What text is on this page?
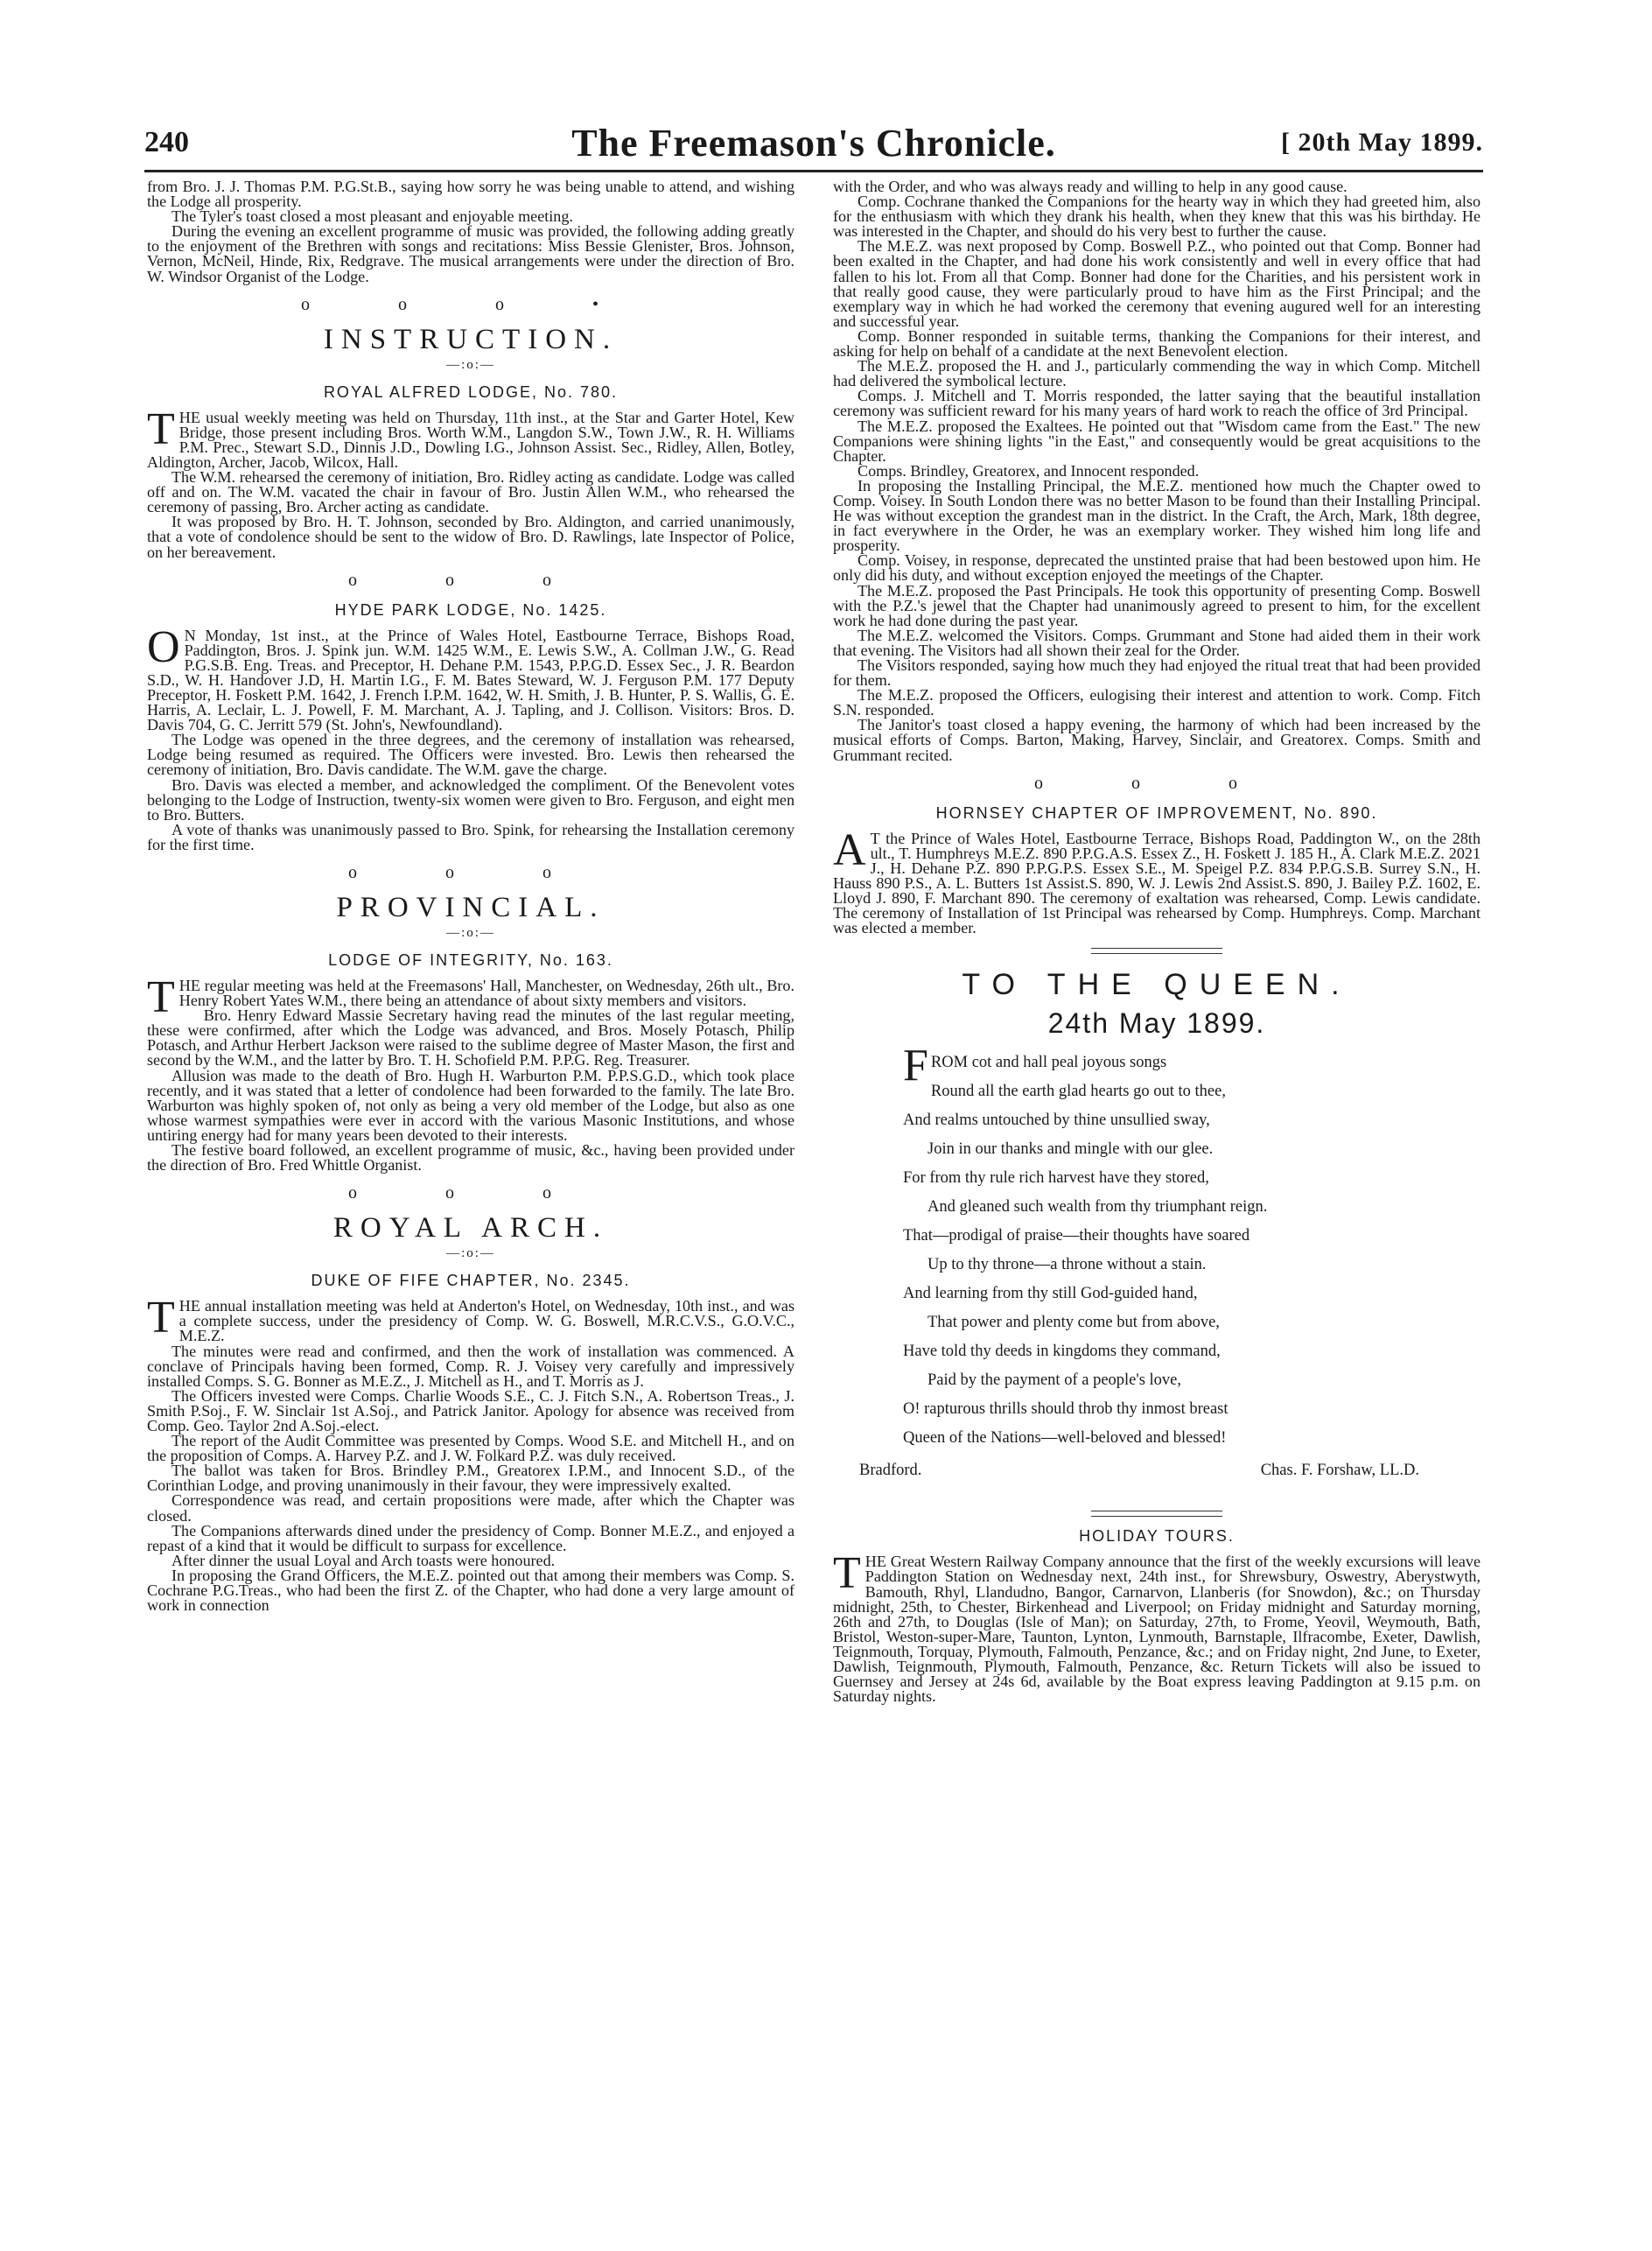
240	The Freemason's Chronicle.	[ 20th May 1899.

from Bro. J. J. Thomas P.M. P.G.St.B., saying how sorry he was being unable to attend, and wishing the Lodge all prosperity.

The Tyler's toast closed a most pleasant and enjoyable meeting.

During the evening an excellent programme of music was provided, the following adding greatly to the enjoyment of the Brethren with songs and recitations: Miss Bessie Glenister, Bros. Johnson, Vernon, McNeil, Hinde, Rix, Redgrave. The musical arrangements were under the direction of Bro. W. Windsor Organist of the Lodge.

o o o •
INSTRUCTION.
—:o:—
ROYAL ALFRED LODGE, No. 780.

THE usual weekly meeting was held on Thursday, 11th inst., at the Star and Garter Hotel, Kew Bridge, those present including Bros. Worth W.M., Langdon S.W., Town J.W., R. H. Williams P.M. Prec., Stewart S.D., Dinnis J.D., Dowling I.G., Johnson Assist. Sec., Ridley, Allen, Botley, Aldington, Archer, Jacob, Wilcox, Hall.

The W.M. rehearsed the ceremony of initiation, Bro. Ridley acting as candidate. Lodge was called off and on. The W.M. vacated the chair in favour of Bro. Justin Allen W.M., who rehearsed the ceremony of passing, Bro. Archer acting as candidate.

It was proposed by Bro. H. T. Johnson, seconded by Bro. Aldington, and carried unanimously, that a vote of condolence should be sent to the widow of Bro. D. Rawlings, late Inspector of Police, on her bereavement.

o o o
HYDE PARK LODGE, No. 1425.

O N Monday, 1st inst., at the Prince of Wales Hotel, Eastbourne Terrace, Bishops Road, Paddington, Bros. J. Spink jun. W.M. 1425 W.M., E. Lewis S.W., A. Collman J.W., G. Read P.G.S.B. Eng. Treas. and Preceptor, H. Dehane P.M. 1543, P.P.G.D. Essex Sec., J. R. Beardon S.D., W. H. Handover J.D, H. Martin I.G., F. M. Bates Steward, W. J. Ferguson P.M. 177 Deputy Preceptor, H. Foskett P.M. 1642, J. French I.P.M. 1642, W. H. Smith, J. B. Hunter, P. S. Wallis, G. E. Harris, A. Leclair, L. J. Powell, F. M. Marchant, A. J. Tapling, and J. Collison. Visitors: Bros. D. Davis 704, G. C. Jerritt 579 (St. John's, Newfoundland).

The Lodge was opened in the three degrees, and the ceremony of installation was rehearsed, Lodge being resumed as required. The Officers were invested. Bro. Lewis then rehearsed the ceremony of initiation, Bro. Davis candidate. The W.M. gave the charge.

Bro. Davis was elected a member, and acknowledged the compliment. Of the Benevolent votes belonging to the Lodge of Instruction, twenty-six women were given to Bro. Ferguson, and eight men to Bro. Butters.

A vote of thanks was unanimously passed to Bro. Spink, for rehearsing the Installation ceremony for the first time.

o o o
PROVINCIAL.
—:o:—
LODGE OF INTEGRITY, No. 163.

THE regular meeting was held at the Freemasons' Hall, Manchester, on Wednesday, 26th ult., Bro. Henry Robert Yates W.M., there being an attendance of about sixty members and visitors.

Bro. Henry Edward Massie Secretary having read the minutes of the last regular meeting, these were confirmed, after which the Lodge was advanced, and Bros. Mosely Potasch, Philip Potasch, and Arthur Herbert Jackson were raised to the sublime degree of Master Mason, the first and second by the W.M., and the latter by Bro. T. H. Schofield P.M. P.P.G. Reg. Treasurer.

Allusion was made to the death of Bro. Hugh H. Warburton P.M. P.P.S.G.D., which took place recently, and it was stated that a letter of condolence had been forwarded to the family. The late Bro. Warburton was highly spoken of, not only as being a very old member of the Lodge, but also as one whose warmest sympathies were ever in accord with the various Masonic Institutions, and whose untiring energy had for many years been devoted to their interests.

The festive board followed, an excellent programme of music, &c., having been provided under the direction of Bro. Fred Whittle Organist.

o o o
ROYAL ARCH.
—:o:—
DUKE OF FIFE CHAPTER, No. 2345.

THE annual installation meeting was held at Anderton's Hotel, on Wednesday, 10th inst., and was a complete success, under the presidency of Comp. W. G. Boswell, M.R.C.V.S., G.O.V.C., M.E.Z.

The minutes were read and confirmed, and then the work of installation was commenced. A conclave of Principals having been formed, Comp. R. J. Voisey very carefully and impressively installed Comps. S. G. Bonner as M.E.Z., J. Mitchell as H., and T. Morris as J.

The Officers invested were Comps. Charlie Woods S.E., C. J. Fitch S.N., A. Robertson Treas., J. Smith P.Soj., F. W. Sinclair 1st A.Soj., and Patrick Janitor. Apology for absence was received from Comp. Geo. Taylor 2nd A.Soj.-elect.

The report of the Audit Committee was presented by Comps. Wood S.E. and Mitchell H., and on the proposition of Comps. A. Harvey P.Z. and J. W. Folkard P.Z. was duly received.

The ballot was taken for Bros. Brindley P.M., Greatorex I.P.M., and Innocent S.D., of the Corinthian Lodge, and proving unanimously in their favour, they were impressively exalted.

Correspondence was read, and certain propositions were made, after which the Chapter was closed.

The Companions afterwards dined under the presidency of Comp. Bonner M.E.Z., and enjoyed a repast of a kind that it would be difficult to surpass for excellence.

After dinner the usual Loyal and Arch toasts were honoured.

In proposing the Grand Officers, the M.E.Z. pointed out that among their members was Comp. S. Cochrane P.G.Treas., who had been the first Z. of the Chapter, who had done a very large amount of work in connection

with the Order, and who was always ready and willing to help in any good cause.

Comp. Cochrane thanked the Companions for the hearty way in which they had greeted him, also for the enthusiasm with which they drank his health, when they knew that this was his birthday. He was interested in the Chapter, and should do his very best to further the cause.

The M.E.Z. was next proposed by Comp. Boswell P.Z., who pointed out that Comp. Bonner had been exalted in the Chapter, and had done his work consistently and well in every office that had fallen to his lot. From all that Comp. Bonner had done for the Charities, and his persistent work in that really good cause, they were particularly proud to have him as the First Principal; and the exemplary way in which he had worked the ceremony that evening augured well for an interesting and successful year.

Comp. Bonner responded in suitable terms, thanking the Companions for their interest, and asking for help on behalf of a candidate at the next Benevolent election.

The M.E.Z. proposed the H. and J., particularly commending the way in which Comp. Mitchell had delivered the symbolical lecture.

Comps. J. Mitchell and T. Morris responded, the latter saying that the beautiful installation ceremony was sufficient reward for his many years of hard work to reach the office of 3rd Principal.

The M.E.Z. proposed the Exaltees. He pointed out that "Wisdom came from the East." The new Companions were shining lights "in the East," and consequently would be great acquisitions to the Chapter.

Comps. Brindley, Greatorex, and Innocent responded.

In proposing the Installing Principal, the M.E.Z. mentioned how much the Chapter owed to Comp. Voisey. In South London there was no better Mason to be found than their Installing Principal. He was without exception the grandest man in the district. In the Craft, the Arch, Mark, 18th degree, in fact everywhere in the Order, he was an exemplary worker. They wished him long life and prosperity.

Comp. Voisey, in response, deprecated the unstinted praise that had been bestowed upon him. He only did his duty, and without exception enjoyed the meetings of the Chapter.

The M.E.Z. proposed the Past Principals. He took this opportunity of presenting Comp. Boswell with the P.Z.'s jewel that the Chapter had unanimously agreed to present to him, for the excellent work he had done during the past year.

The M.E.Z. welcomed the Visitors. Comps. Grummant and Stone had aided them in their work that evening. The Visitors had all shown their zeal for the Order.

The Visitors responded, saying how much they had enjoyed the ritual treat that had been provided for them.

The M.E.Z. proposed the Officers, eulogising their interest and attention to work. Comp. Fitch S.N. responded.

The Janitor's toast closed a happy evening, the harmony of which had been increased by the musical efforts of Comps. Barton, Making, Harvey, Sinclair, and Greatorex. Comps. Smith and Grummant recited.

o o o
HORNSEY CHAPTER OF IMPROVEMENT, No. 890.

A T the Prince of Wales Hotel, Eastbourne Terrace, Bishops Road, Paddington W., on the 28th ult., T. Humphreys M.E.Z. 890 P.P.G.A.S. Essex Z., H. Foskett J. 185 H., A. Clark M.E.Z. 2021 J., H. Dehane P.Z. 890 P.P.G.P.S. Essex S.E., M. Speigel P.Z. 834 P.P.G.S.B. Surrey S.N., H. Hauss 890 P.S., A. L. Butters 1st Assist.S. 890, W. J. Lewis 2nd Assist.S. 890, J. Bailey P.Z. 1602, E. Lloyd J. 890, F. Marchant 890. The ceremony of exaltation was rehearsed, Comp. Lewis candidate. The ceremony of Installation of 1st Principal was rehearsed by Comp. Humphreys. Comp. Marchant was elected a member.

TO THE QUEEN.
24th May 1899.
FROM cot and hall peal joyous songs
Round all the earth glad hearts go out to thee,
And realms untouched by thine unsullied sway,
Join in our thanks and mingle with our glee.
For from thy rule rich harvest have they stored,
And gleaned such wealth from thy triumphant reign.
That—prodigal of praise—their thoughts have soared
Up to thy throne—a throne without a stain.
And learning from thy still God-guided hand,
That power and plenty come but from above,
Have told thy deeds in kingdoms they command,
Paid by the payment of a people's love,
O! rapturous thrills should throb thy inmost breast
Queen of the Nations—well-beloved and blessed!
Bradford.	Chas. F. Forshaw, LL.D.
HOLIDAY TOURS.

THE Great Western Railway Company announce that the first of the weekly excursions will leave Paddington Station on Wednesday next, 24th inst., for Shrewsbury, Oswestry, Aberystwyth, Bamouth, Rhyl, Llandudno, Bangor, Carnarvon, Llanberis (for Snowdon), &c.; on Thursday midnight, 25th, to Chester, Birkenhead and Liverpool; on Friday midnight and Saturday morning, 26th and 27th, to Douglas (Isle of Man); on Saturday, 27th, to Frome, Yeovil, Weymouth, Bath, Bristol, Weston-super-Mare, Taunton, Lynton, Lynmouth, Barnstaple, Ilfracombe, Exeter, Dawlish, Teignmouth, Torquay, Plymouth, Falmouth, Penzance, &c.; and on Friday night, 2nd June, to Exeter, Dawlish, Teignmouth, Plymouth, Falmouth, Penzance, &c. Return Tickets will also be issued to Guernsey and Jersey at 24s 6d, available by the Boat express leaving Paddington at 9.15 p.m. on Saturday nights.
